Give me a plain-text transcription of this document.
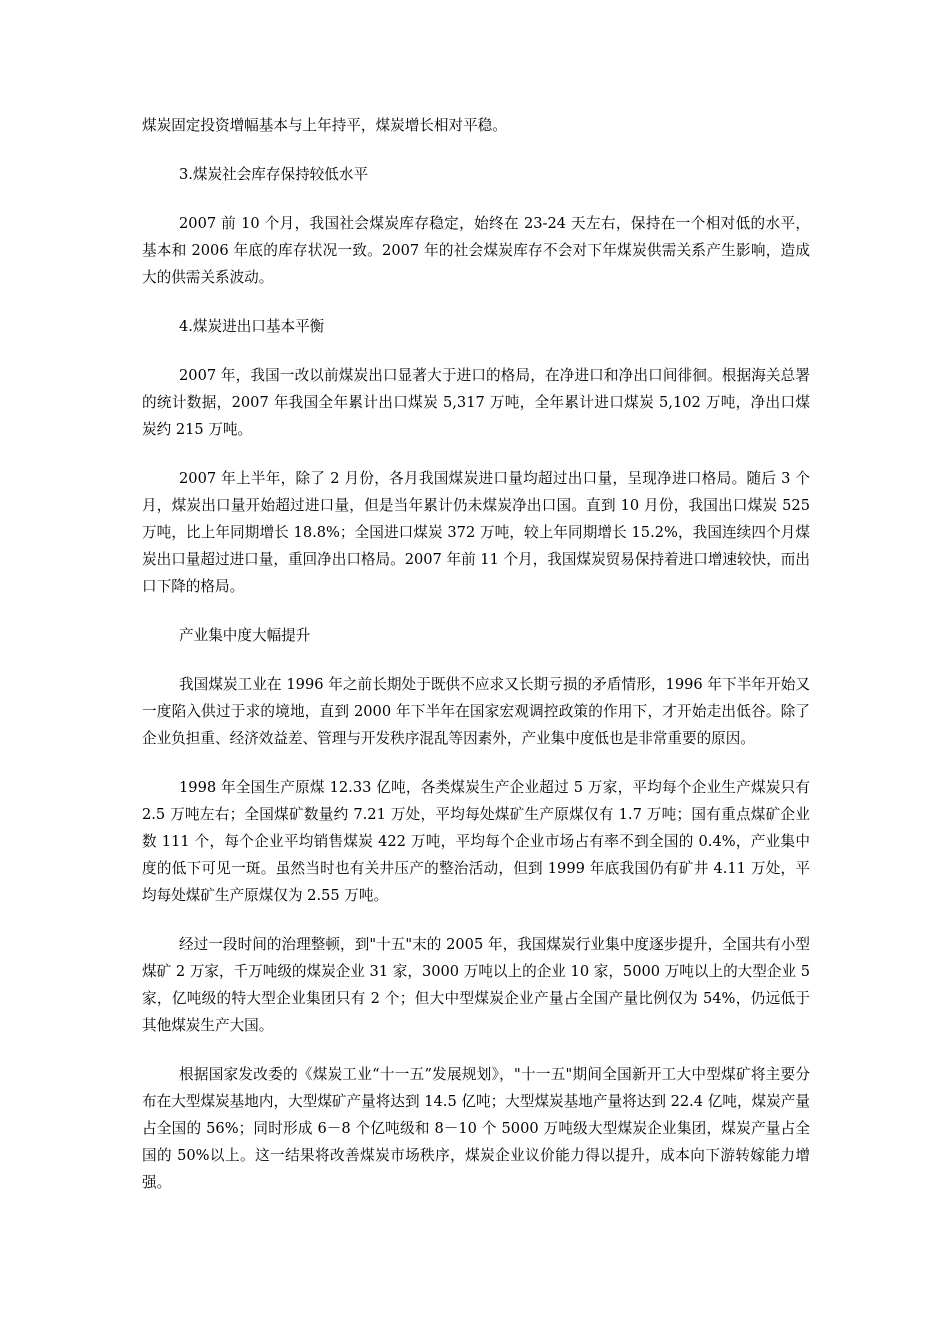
煤炭固定投资增幅基本与上年持平，煤炭增长相对平稳。

3.煤炭社会库存保持较低水平

2007 前 10 个月，我国社会煤炭库存稳定，始终在 23-24 天左右，保持在一个相对低的水平，基本和 2006 年底的库存状况一致。2007 年的社会煤炭库存不会对下年煤炭供需关系产生影响，造成大的供需关系波动。

4.煤炭进出口基本平衡

2007 年，我国一改以前煤炭出口显著大于进口的格局，在净进口和净出口间徘徊。根据海关总署的统计数据，2007 年我国全年累计出口煤炭 5,317 万吨，全年累计进口煤炭 5,102 万吨，净出口煤炭约 215 万吨。

2007 年上半年，除了 2 月份，各月我国煤炭进口量均超过出口量，呈现净进口格局。随后 3 个月，煤炭出口量开始超过进口量，但是当年累计仍未煤炭净出口国。直到 10 月份，我国出口煤炭 525 万吨，比上年同期增长 18.8%；全国进口煤炭 372 万吨，较上年同期增长 15.2%，我国连续四个月煤炭出口量超过进口量，重回净出口格局。2007 年前 11 个月，我国煤炭贸易保持着进口增速较快，而出口下降的格局。

产业集中度大幅提升

我国煤炭工业在 1996 年之前长期处于既供不应求又长期亏损的矛盾情形，1996 年下半年开始又一度陷入供过于求的境地，直到 2000 年下半年在国家宏观调控政策的作用下，才开始走出低谷。除了企业负担重、经济效益差、管理与开发秩序混乱等因素外，产业集中度低也是非常重要的原因。

1998 年全国生产原煤 12.33 亿吨，各类煤炭生产企业超过 5 万家，平均每个企业生产煤炭只有 2.5 万吨左右；全国煤矿数量约 7.21 万处，平均每处煤矿生产原煤仅有 1.7 万吨；国有重点煤矿企业数 111 个，每个企业平均销售煤炭 422 万吨，平均每个企业市场占有率不到全国的 0.4%，产业集中度的低下可见一斑。虽然当时也有关井压产的整治活动，但到 1999 年底我国仍有矿井 4.11 万处，平均每处煤矿生产原煤仅为 2.55 万吨。

经过一段时间的治理整顿，到"十五"末的 2005 年，我国煤炭行业集中度逐步提升，全国共有小型煤矿 2 万家，千万吨级的煤炭企业 31 家，3000 万吨以上的企业 10 家，5000 万吨以上的大型企业 5 家，亿吨级的特大型企业集团只有 2 个；但大中型煤炭企业产量占全国产量比例仅为 54%，仍远低于其他煤炭生产大国。

根据国家发改委的《煤炭工业“十一五”发展规划》，"十一五"期间全国新开工大中型煤矿将主要分布在大型煤炭基地内，大型煤矿产量将达到 14.5 亿吨；大型煤炭基地产量将达到 22.4 亿吨，煤炭产量占全国的 56%；同时形成 6－8 个亿吨级和 8－10 个 5000 万吨级大型煤炭企业集团，煤炭产量占全国的 50%以上。这一结果将改善煤炭市场秩序，煤炭企业议价能力得以提升，成本向下游转嫁能力增强。
